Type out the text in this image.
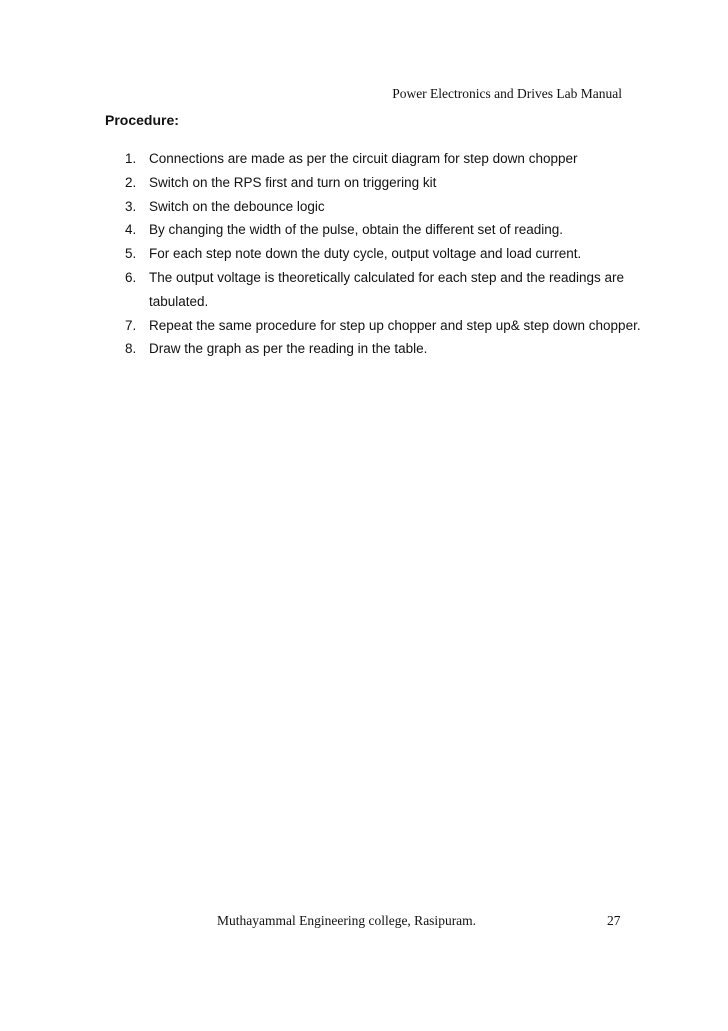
Power Electronics and Drives Lab Manual
Procedure:
1. Connections are made as per the circuit diagram for step down chopper
2. Switch on the RPS first and turn on triggering kit
3. Switch on the debounce logic
4. By changing the width of the pulse, obtain the different set of reading.
5. For each step note down the duty cycle, output voltage and load current.
6. The output voltage is theoretically calculated for each step and the readings are tabulated.
7. Repeat the same procedure for step up chopper and step up& step down chopper.
8. Draw the graph as per the reading in the table.
Muthayammal Engineering college, Rasipuram.	27
